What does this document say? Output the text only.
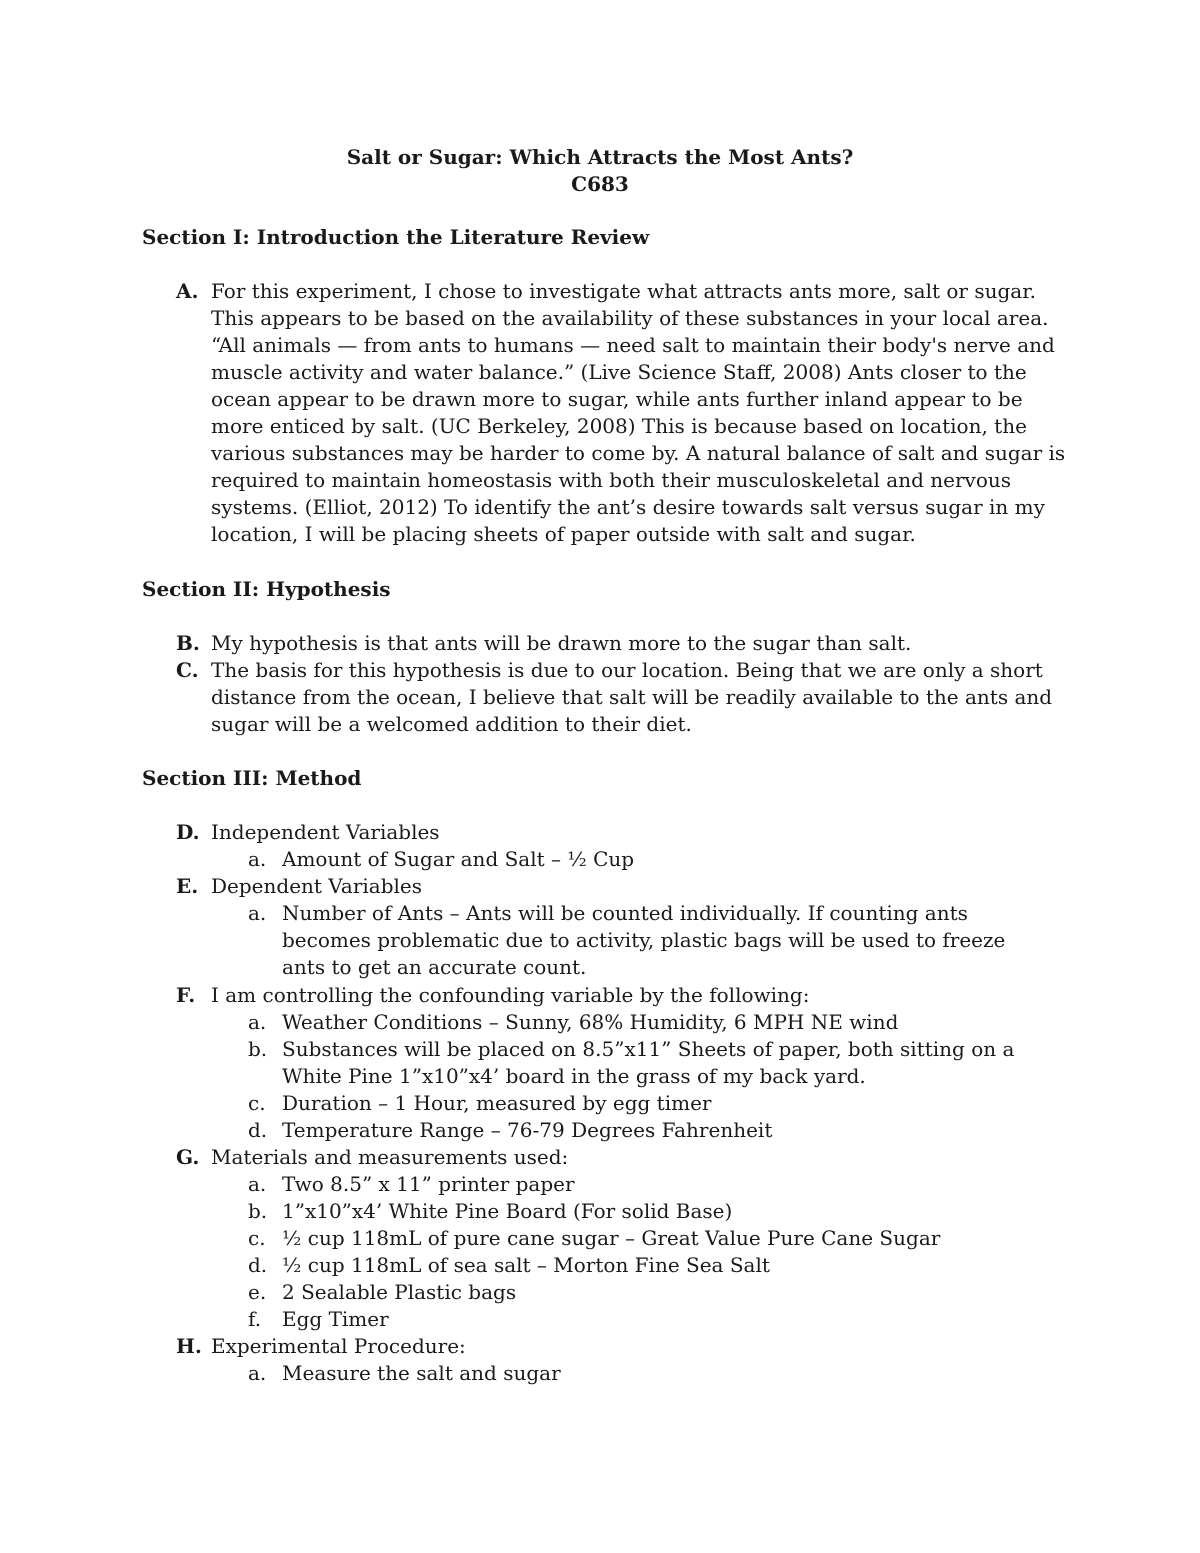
Salt or Sugar: Which Attracts the Most Ants?
C683
Section I: Introduction the Literature Review
A. For this experiment, I chose to investigate what attracts ants more, salt or sugar. This appears to be based on the availability of these substances in your local area. “All animals — from ants to humans — need salt to maintain their body's nerve and muscle activity and water balance.” (Live Science Staff, 2008) Ants closer to the ocean appear to be drawn more to sugar, while ants further inland appear to be more enticed by salt. (UC Berkeley, 2008) This is because based on location, the various substances may be harder to come by. A natural balance of salt and sugar is required to maintain homeostasis with both their musculoskeletal and nervous systems. (Elliot, 2012) To identify the ant’s desire towards salt versus sugar in my location, I will be placing sheets of paper outside with salt and sugar.
Section II: Hypothesis
B. My hypothesis is that ants will be drawn more to the sugar than salt.
C. The basis for this hypothesis is due to our location. Being that we are only a short distance from the ocean, I believe that salt will be readily available to the ants and sugar will be a welcomed addition to their diet.
Section III: Method
D. Independent Variables
a. Amount of Sugar and Salt – ½ Cup
E. Dependent Variables
a. Number of Ants – Ants will be counted individually. If counting ants becomes problematic due to activity, plastic bags will be used to freeze ants to get an accurate count.
F. I am controlling the confounding variable by the following:
a. Weather Conditions – Sunny, 68% Humidity, 6 MPH NE wind
b. Substances will be placed on 8.5”x11” Sheets of paper, both sitting on a White Pine 1”x10”x4’ board in the grass of my back yard.
c. Duration – 1 Hour, measured by egg timer
d. Temperature Range – 76-79 Degrees Fahrenheit
G. Materials and measurements used:
a. Two 8.5” x 11” printer paper
b. 1”x10”x4’ White Pine Board (For solid Base)
c. ½ cup 118mL of pure cane sugar – Great Value Pure Cane Sugar
d. ½ cup 118mL of sea salt – Morton Fine Sea Salt
e. 2 Sealable Plastic bags
f. Egg Timer
H. Experimental Procedure:
a. Measure the salt and sugar
